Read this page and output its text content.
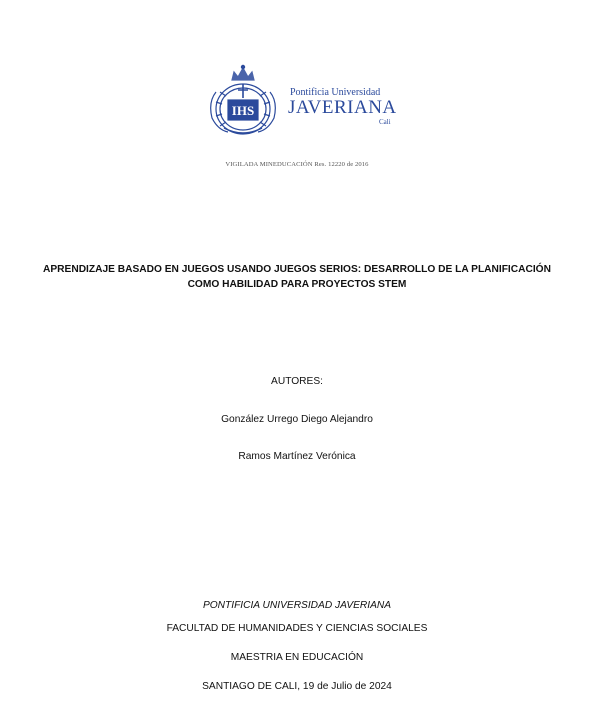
IHS
Pontificia Universidad
JAVERIANA
Cali
VIGILADA MINEDUCACIÓN Res. 12220 de 2016
APRENDIZAJE BASADO EN JUEGOS USANDO JUEGOS SERIOS: DESARROLLO DE LA PLANIFICACIÓN
COMO HABILIDAD PARA PROYECTOS STEM
AUTORES:
González Urrego Diego Alejandro
Ramos Martínez Verónica
PONTIFICIA UNIVERSIDAD JAVERIANA
FACULTAD DE HUMANIDADES Y CIENCIAS SOCIALES
MAESTRIA EN EDUCACIÓN
SANTIAGO DE CALI, 19 de Julio de 2024
